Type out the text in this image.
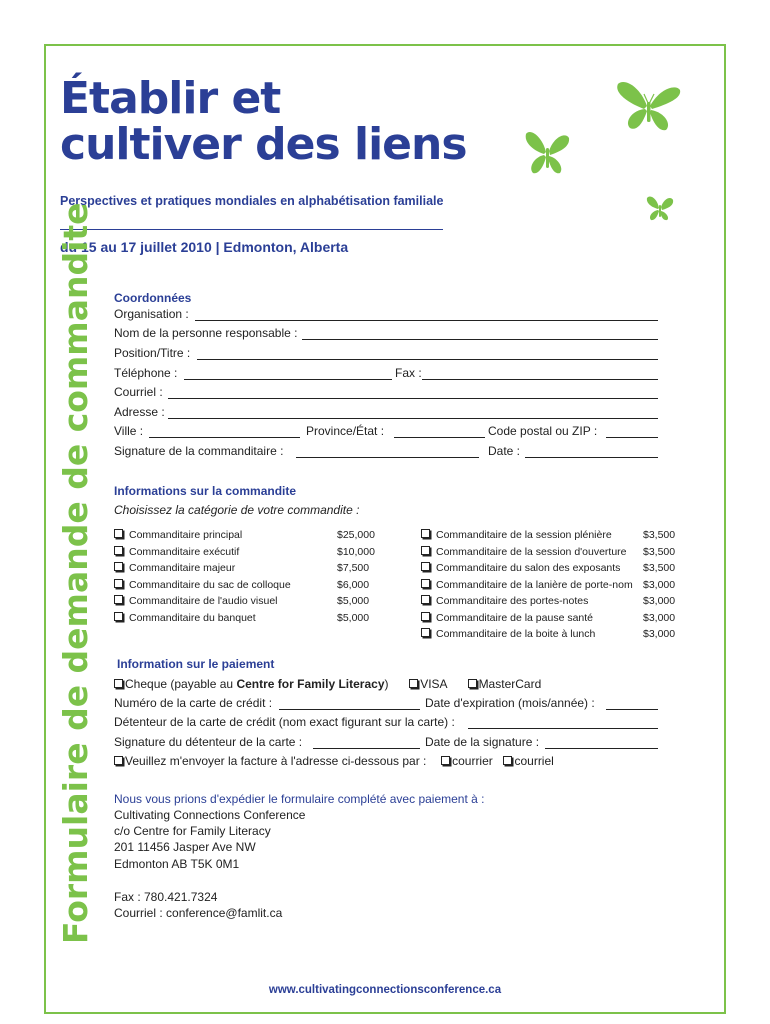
Établir et
cultiver des liens

Perspectives et pratiques mondiales en alphabétisation familiale

du 15 au 17 juillet 2010 | Edmonton, Alberta

Formulaire de demande de commandite Coordonnées

Organisation :
Nom de la personne responsable :
Position/Titre :
Téléphone :	Fax :
Courriel :
Adresse :
Ville :	Province/État :	Code postal ou ZIP :
Signature de la commanditaire :	Date :

Informations sur la commandite

Choisissez la catégorie de votre commandite :
Commanditaire principal	$25,000
Commanditaire exécutif	$10,000
Commanditaire majeur	$7,500
Commanditaire du sac de colloque	$6,000
Commanditaire de l'audio visuel	$5,000
Commanditaire du banquet	$5,000
Commanditaire de la session plénière	$3,500
Commanditaire de la session d'ouverture $3,500
Commanditaire du salon des exposants $3,500
Commanditaire de la lanière de porte-nom $3,000
Commanditaire des portes-notes	$3,000
Commanditaire de la pause santé	$3,000
Commanditaire de la boite à lunch	$3,000

Information sur le paiement

Cheque (payable au Centre for Family Literacy)	VISA	MasterCard
Numéro de la carte de crédit :	Date d'expiration (mois/année) :
Détenteur de la carte de crédit (nom exact figurant sur la carte) :
Signature du détenteur de la carte :	Date de la signature :
Veuillez m'envoyer la facture à l'adresse ci-dessous par : courrier courriel

Nous vous prions d'expédier le formulaire complété avec paiement à :

Cultivating Connections Conference
c/o Centre for Family Literacy
201 11456 Jasper Ave NW
Edmonton AB T5K 0M1
Fax : 780.421.7324
Courriel : conference@famlit.ca
www.cultivatingconnectionsconference.ca
